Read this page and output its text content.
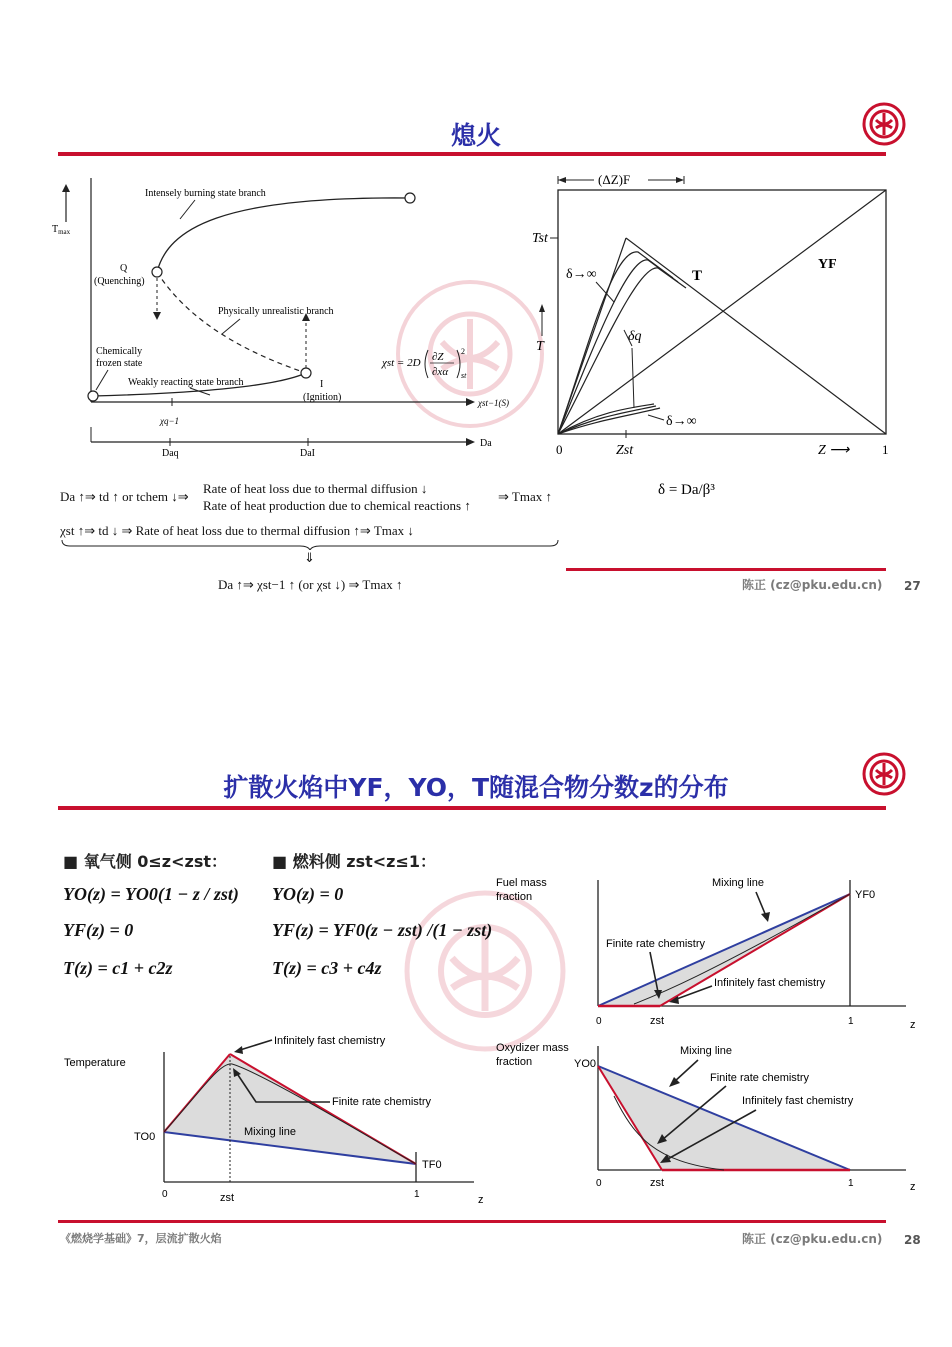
熄火
$T_{max}$
Intensely burning state branch
Q
(Quenching)
Physically unrealistic branch
Chemically
frozen state
Weakly reacting state branch	I
(Ignition)	χst−1(S)
χq−1
χst = 2D ∂Z
∂xα
2
st
Daq	DaI
Da
Da ↑⇒ td ↑ or tchem ↓⇒
Rate of heat loss due to thermal diffusion ↓
Rate of heat production due to chemical reactions ↑
⇒ Tmax ↑
χst ↑⇒ td ↓ ⇒ Rate of heat loss due to thermal diffusion ↑⇒ Tmax ↓
⇓
Da ↑⇒ χst−1 ↑ (or χst ↓) ⇒ Tmax ↑
(ΔZ)F
Tst
δ→∞
δq
T
T
YF
δ→∞
0	Zst	Z ⟶	1
δ = Da/β³
陈正 (cz@pku.edu.cn) 27
扩散火焰中YF，YO，T随混合物分数z的分布
■ 氧气侧 0≤z<zst：
YO(z) = YO0(1 − z / zst)
YF(z) = 0
T(z) = c1 + c2z
■ 燃料侧 zst<z≤1：
YO(z) = 0
YF(z) = YF0(z − zst) /(1 − zst)
T(z) = c3 + c4z
Fuel mass
fraction
Mixing line
YF0
Finite rate chemistry
Infinitely fast chemistry
0	zst	1	z
Oxydizer mass
fraction	YO0
Mixing line
Finite rate chemistry
Infinitely fast chemistry
0	zst	1	z
Temperature
Infinitely fast chemistry
Finite rate chemistry
Mixing line
TO0
TF0
0	zst	1	z
《燃烧学基础》7，层流扩散火焰	陈正 (cz@pku.edu.cn) 28
